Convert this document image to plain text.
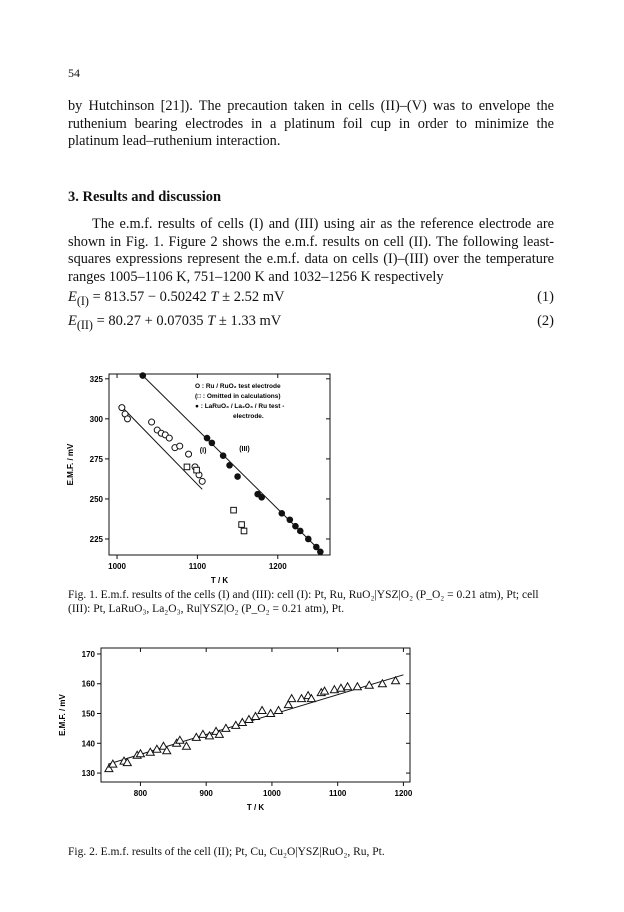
54

by Hutchinson [21]). The precaution taken in cells (II)–(V) was to envelope the ruthenium bearing electrodes in a platinum foil cup in order to minimize the platinum lead–ruthenium interaction.

3. Results and discussion

The e.m.f. results of cells (I) and (III) using air as the reference electrode are shown in Fig. 1. Figure 2 shows the e.m.f. results on cell (II). The following least-squares expressions represent the e.m.f. data on cells (I)–(III) over the temperature ranges 1005–1106 K, 751–1200 K and 1032–1256 K respectively

$E_{(I)} = 813.57 - 0.50242$ T ± 2.52 mV	(1)
$E_{(II)} = 80.27 + 0.07035$ T ± 1.33 mV	(2)
1000	1100	1200
225
250
275
300
325
T / K
E.M.F. / mV
O : Ru / RuO₂ test electrode
(□ : Omitted in calculations)
● : LaRuO₃ / La₂O₃ / Ru test -
electrode.
(I)	(III)

Fig. 1. E.m.f. results of the cells (I) and (III): cell (I): Pt, Ru, RuO₂|YSZ|O₂ (P_O₂ = 0.21 atm), Pt; cell (III): Pt, LaRuO₃, La₂O₃, Ru|YSZ|O₂ (P_O₂ = 0.21 atm), Pt.

800	900	1000	1100	1200
130
140
150
160
170
T / K
E.M.F. / mV

Fig. 2. E.m.f. results of the cell (II); Pt, Cu, Cu₂O|YSZ|RuO₂, Ru, Pt.
